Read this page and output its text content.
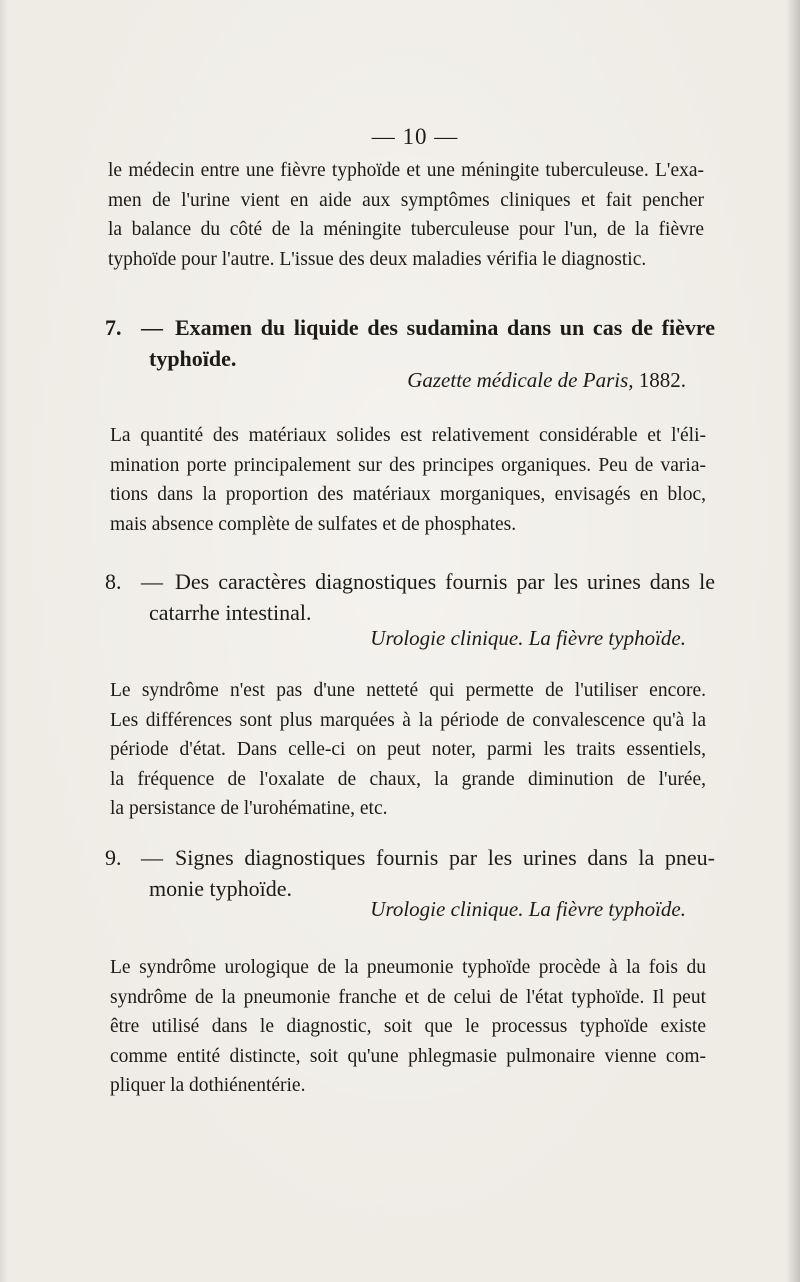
— 10 —
le médecin entre une fièvre typhoïde et une méningite tuberculeuse. L'exa-
men de l'urine vient en aide aux symptômes cliniques et fait pencher
la balance du côté de la méningite tuberculeuse pour l'un, de la fièvre
typhoïde pour l'autre. L'issue des deux maladies vérifia le diagnostic.
7. — Examen du liquide des sudamina dans un cas de fièvre
typhoïde.
Gazette médicale de Paris, 1882.
La quantité des matériaux solides est relativement considérable et l'éli-
mination porte principalement sur des principes organiques. Peu de varia-
tions dans la proportion des matériaux morganiques, envisagés en bloc,
mais absence complète de sulfates et de phosphates.
8. — Des caractères diagnostiques fournis par les urines dans le
catarrhe intestinal.
Urologie clinique. La fièvre typhoïde.
Le syndrôme n'est pas d'une netteté qui permette de l'utiliser encore.
Les différences sont plus marquées à la période de convalescence qu'à la
période d'état. Dans celle-ci on peut noter, parmi les traits essentiels,
la fréquence de l'oxalate de chaux, la grande diminution de l'urée,
la persistance de l'urohématine, etc.
9. — Signes diagnostiques fournis par les urines dans la pneu-
monie typhoïde.
Urologie clinique. La fièvre typhoïde.
Le syndrôme urologique de la pneumonie typhoïde procède à la fois du
syndrôme de la pneumonie franche et de celui de l'état typhoïde. Il peut
être utilisé dans le diagnostic, soit que le processus typhoïde existe
comme entité distincte, soit qu'une phlegmasie pulmonaire vienne com-
pliquer la dothiénentérie.
